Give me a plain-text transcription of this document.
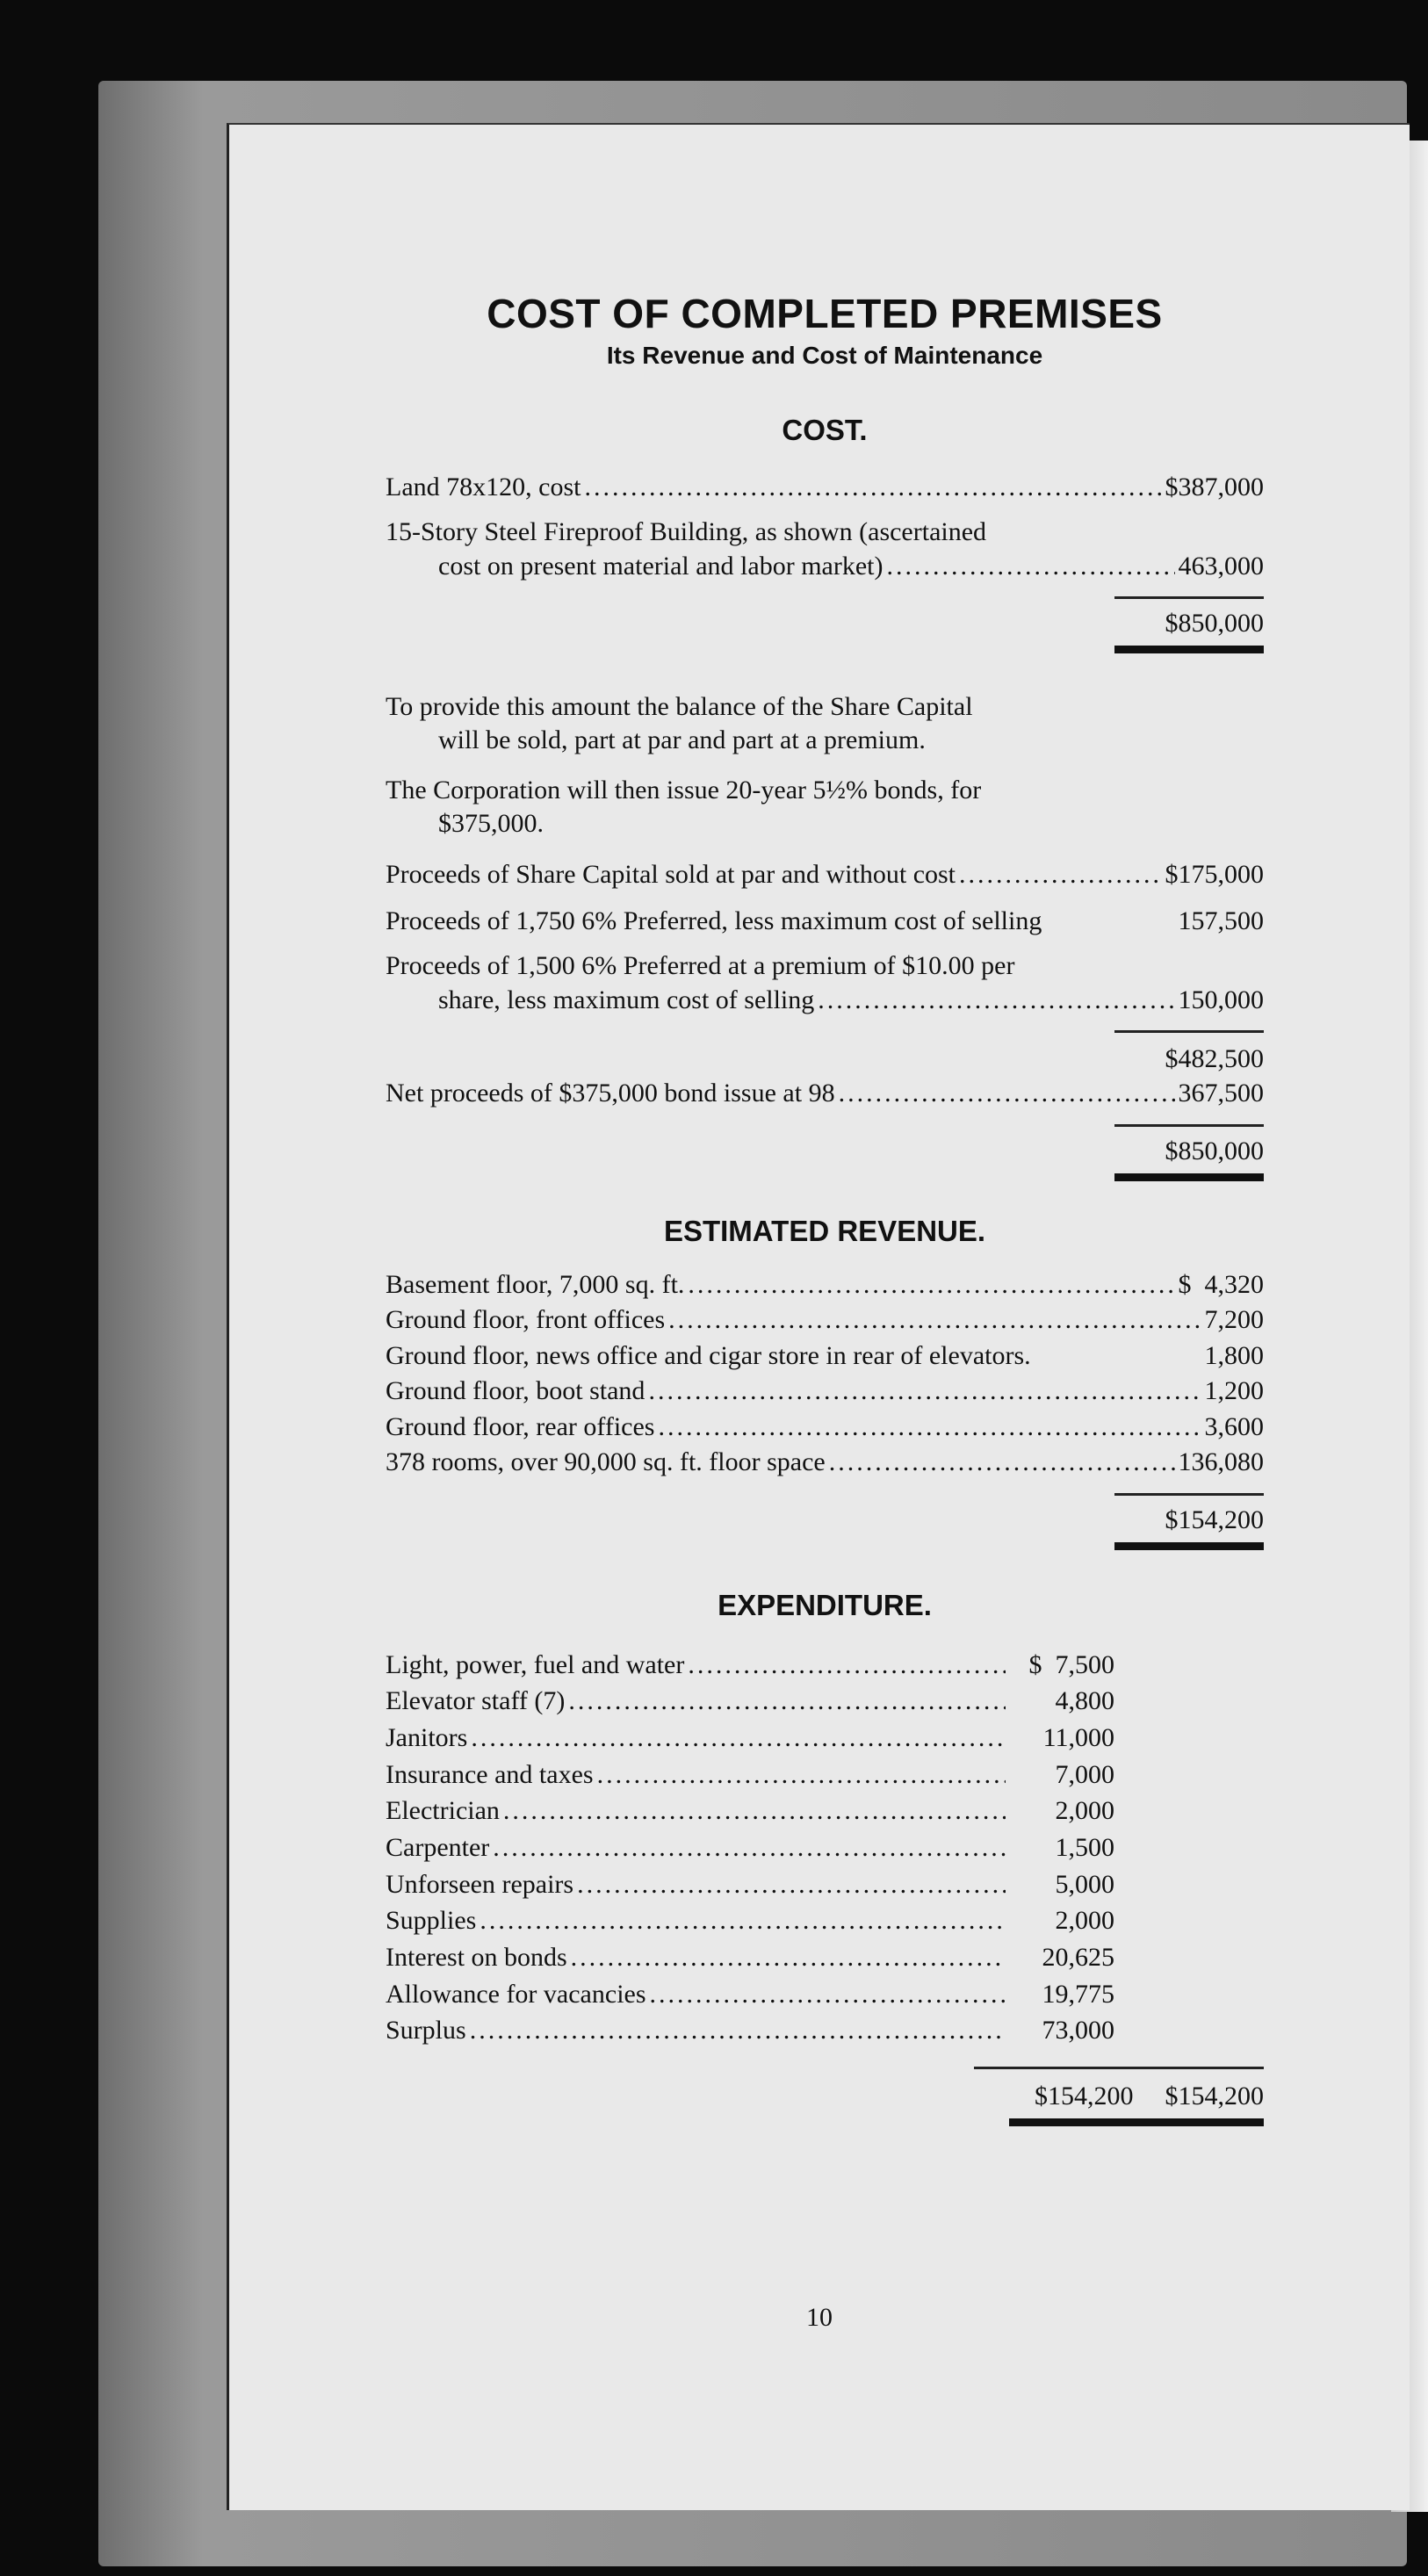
COST OF COMPLETED PREMISES
Its Revenue and Cost of Maintenance
COST.
Land 78x120, cost .....	$387,000
15-Story Steel Fireproof Building, as shown (ascertained
cost on present material and labor market) .....	463,000
$850,000

To provide this amount the balance of the Share Capital
will be sold, part at par and part at a premium.

The Corporation will then issue 20-year 5½% bonds, for
$375,000.

Proceeds of Share Capital sold at par and without cost .....	$175,000
Proceeds of 1,750 6% Preferred, less maximum cost of selling	157,500
Proceeds of 1,500 6% Preferred at a premium of $10.00 per
share, less maximum cost of selling .....	150,000
$482,500
Net proceeds of $375,000 bond issue at 98 .....	367,500
$850,000
ESTIMATED REVENUE.
Basement floor, 7,000 sq. ft. .....	$  4,320
Ground floor, front offices .....	7,200
Ground floor, news office and cigar store in rear of elevators. .....	1,800
Ground floor, boot stand .....	1,200
Ground floor, rear offices .....	3,600
378 rooms, over 90,000 sq. ft. floor space .....	136,080
$154,200
EXPENDITURE.
Light, power, fuel and water .....	$  7,500
Elevator staff (7) .....	4,800
Janitors .....	11,000
Insurance and taxes .....	7,000
Electrician .....	2,000
Carpenter .....	1,500
Unforseen repairs .....	5,000
Supplies .....	2,000
Interest on bonds .....	20,625
Allowance for vacancies .....	19,775
Surplus .....	73,000
$154,200 $154,200
10
